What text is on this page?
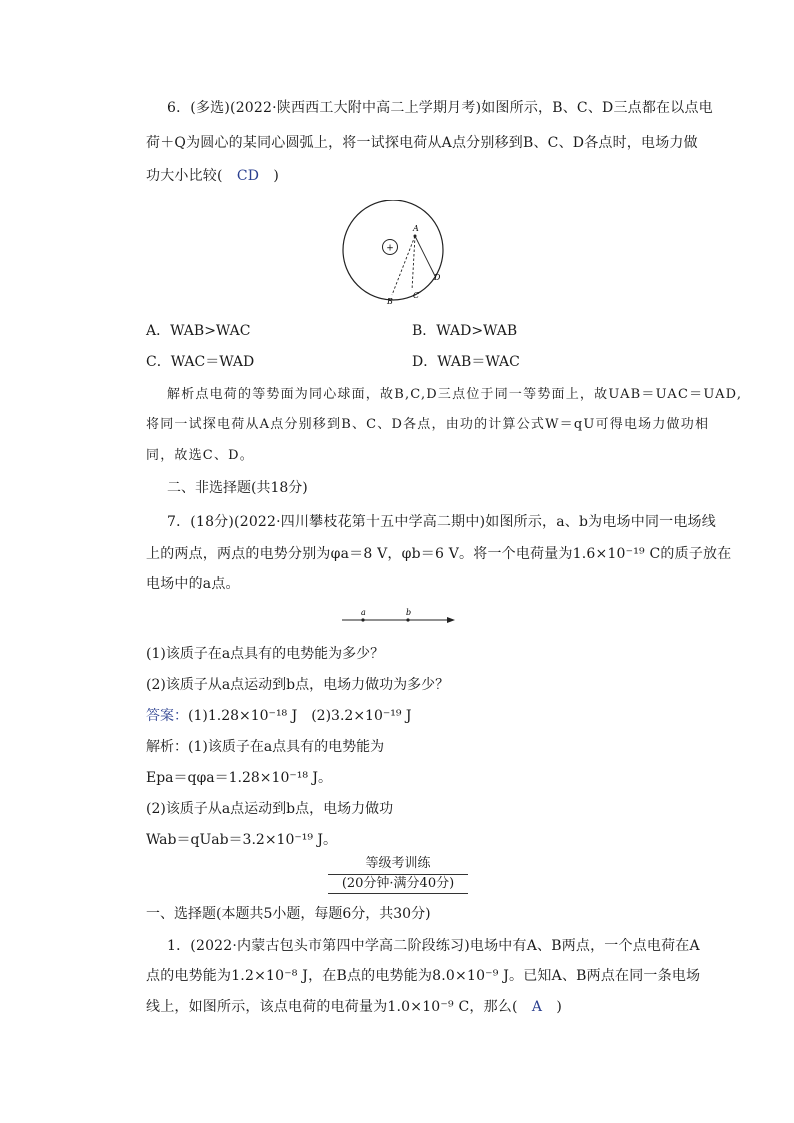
6．(多选)(2022·陕西西工大附中高二上学期月考)如图所示，B、C、D三点都在以点电
荷＋Q为圆心的某同心圆弧上，将一试探电荷从A点分别移到B、C、D各点时，电场力做
功大小比较(　CD　)
+
A
B
C
D
A．WAB>WAC	B．WAD>WAB
C．WAC＝WAD	D．WAB＝WAC
解析点电荷的等势面为同心球面，故B,C,D三点位于同一等势面上，故UAB＝UAC＝UAD,
将同一试探电荷从A点分别移到B、C、D各点，由功的计算公式W＝qU可得电场力做功相
同，故选C、D。
二、非选择题(共18分)
7．(18分)(2022·四川攀枝花第十五中学高二期中)如图所示，a、b为电场中同一电场线
上的两点，两点的电势分别为φa＝8 V，φb＝6 V。将一个电荷量为1.6×10⁻¹⁹ C的质子放在
电场中的a点。
a	b
(1)该质子在a点具有的电势能为多少？
(2)该质子从a点运动到b点，电场力做功为多少？
答案：(1)1.28×10⁻¹⁸ J　(2)3.2×10⁻¹⁹ J
解析：(1)该质子在a点具有的电势能为
Epa＝qφa＝1.28×10⁻¹⁸ J。
(2)该质子从a点运动到b点，电场力做功
Wab＝qUab＝3.2×10⁻¹⁹ J。
等级考训练
(20分钟·满分40分)
一、选择题(本题共5小题，每题6分，共30分)
1．(2022·内蒙古包头市第四中学高二阶段练习)电场中有A、B两点，一个点电荷在A
点的电势能为1.2×10⁻⁸ J，在B点的电势能为8.0×10⁻⁹ J。已知A、B两点在同一条电场
线上，如图所示，该点电荷的电荷量为1.0×10⁻⁹ C，那么(　A　)
